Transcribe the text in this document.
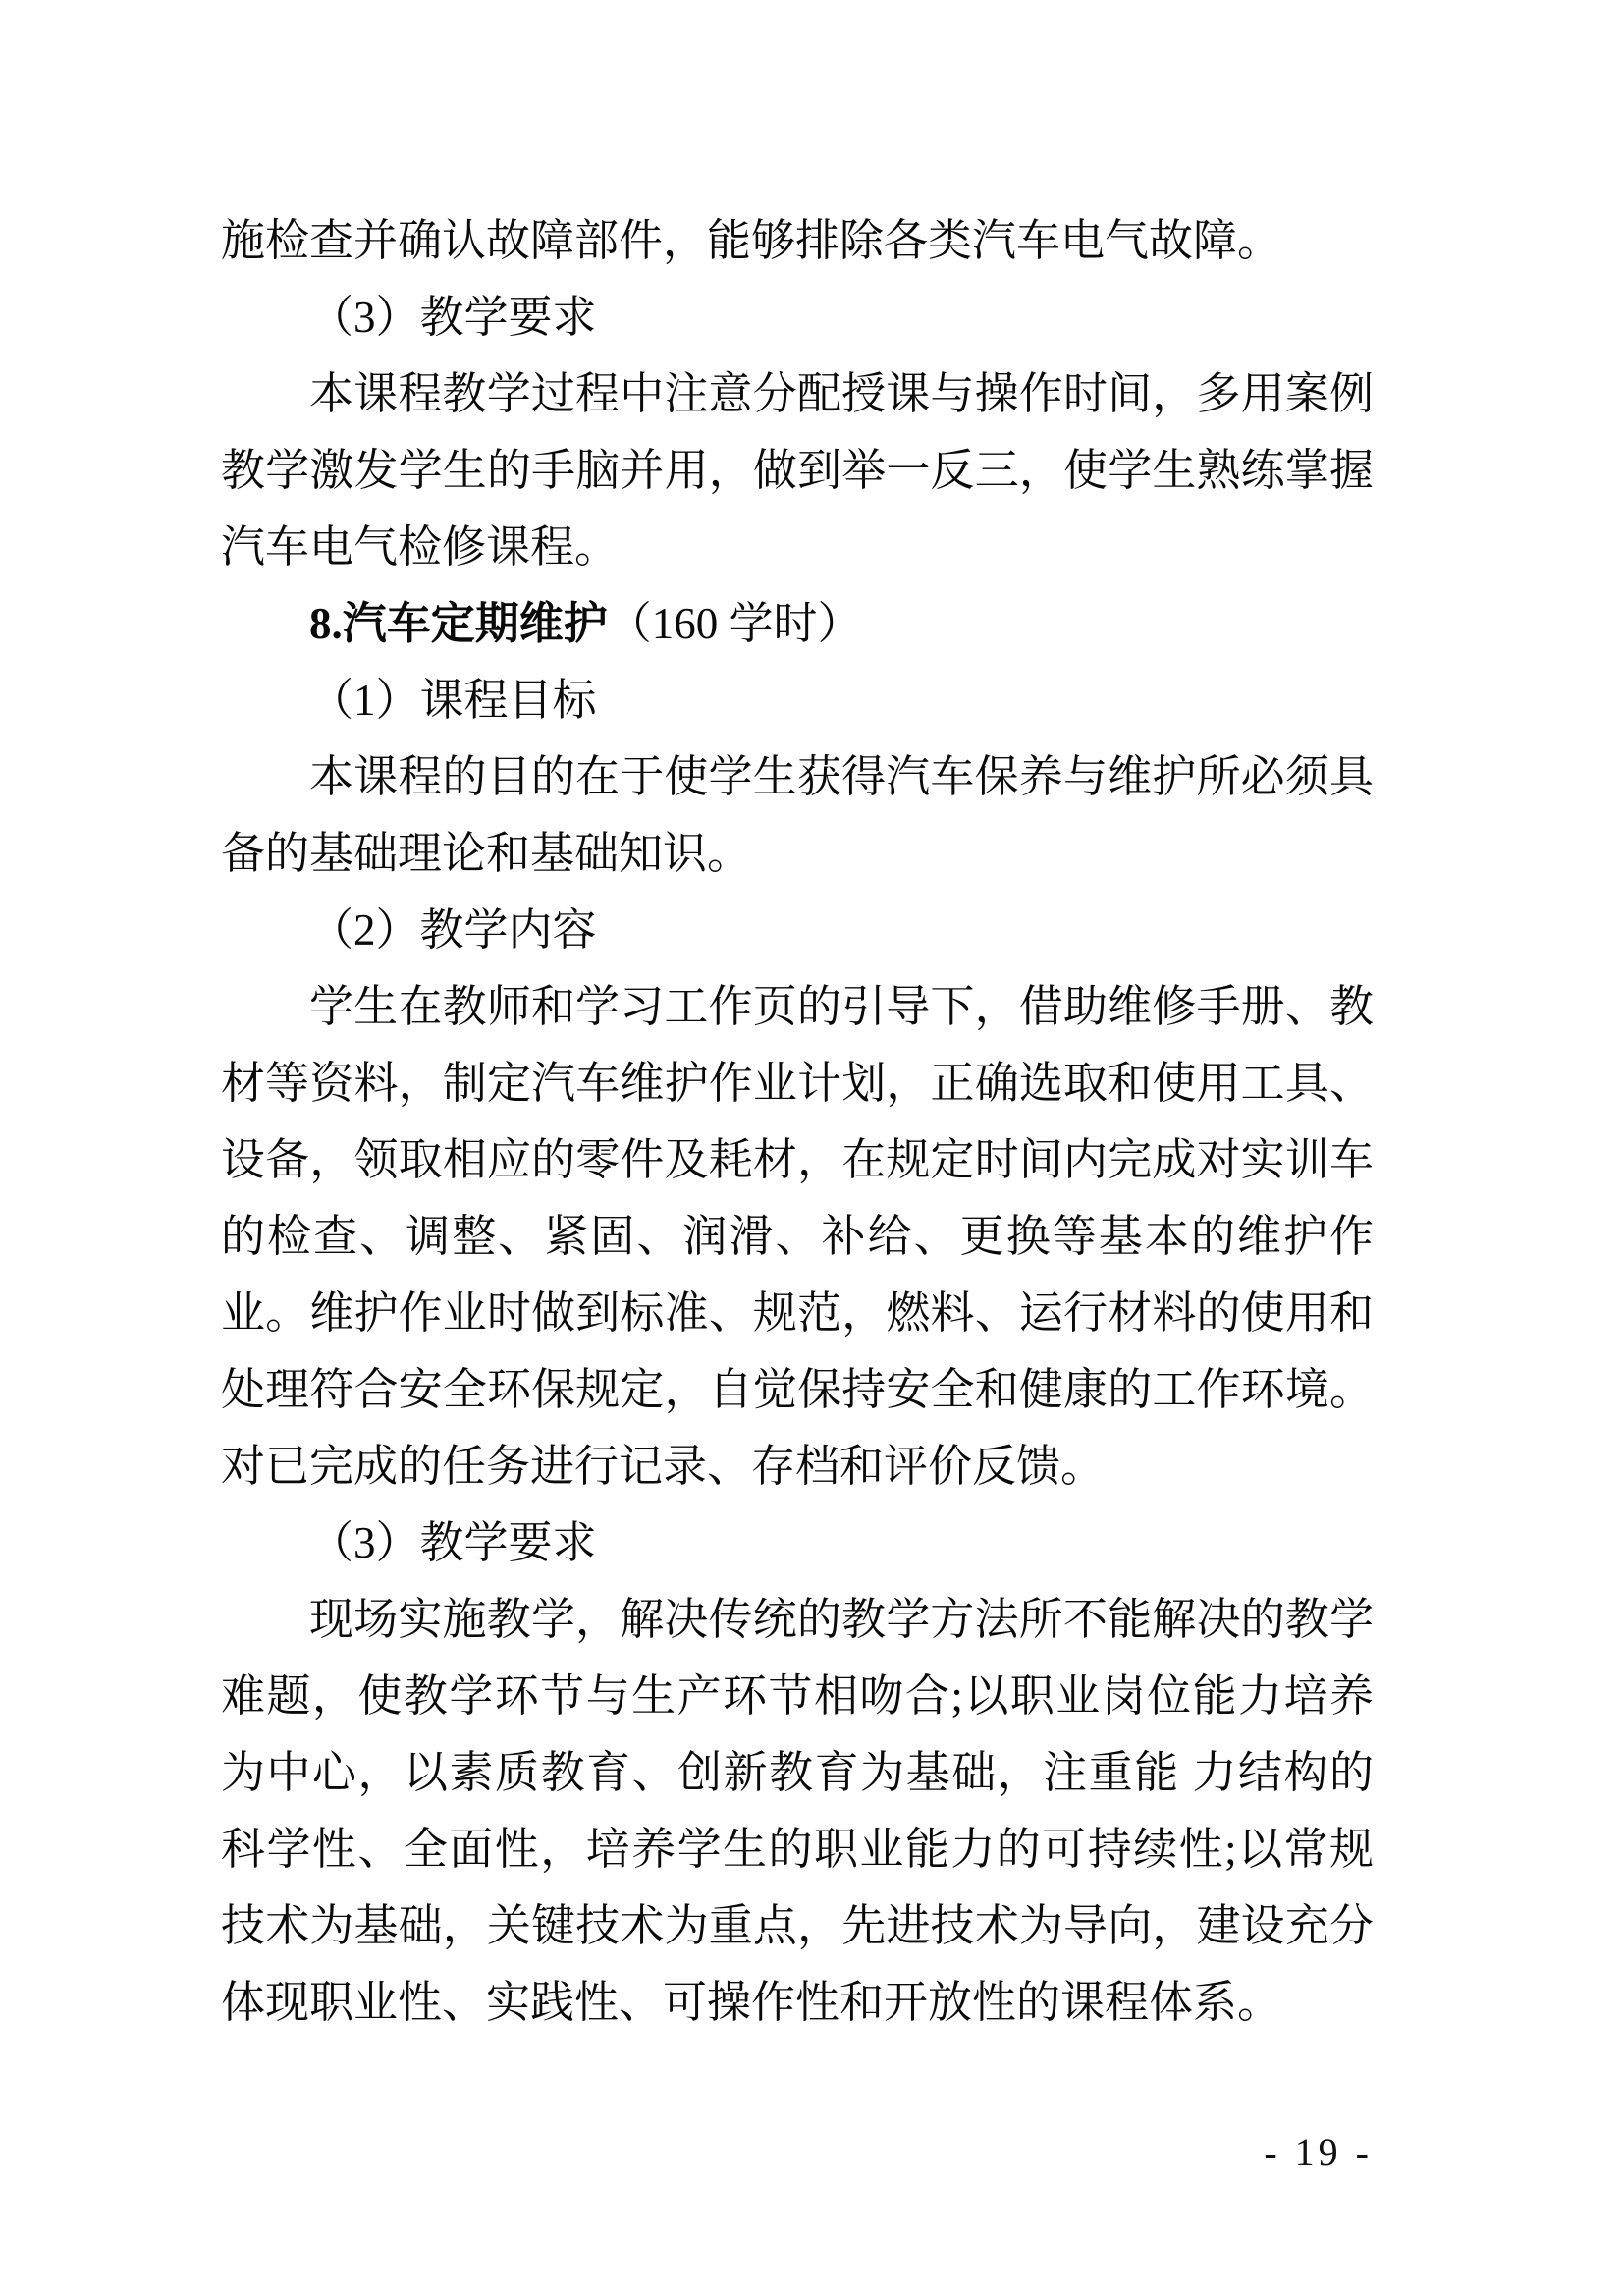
施检查并确认故障部件，能够排除各类汽车电气故障。

（3）教学要求

本课程教学过程中注意分配授课与操作时间，多用案例教学激发学生的手脑并用，做到举一反三，使学生熟练掌握汽车电气检修课程。

8.汽车定期维护（160 学时）

（1）课程目标

本课程的目的在于使学生获得汽车保养与维护所必须具备的基础理论和基础知识。

（2）教学内容

学生在教师和学习工作页的引导下，借助维修手册、教材等资料，制定汽车维护作业计划，正确选取和使用工具、设备，领取相应的零件及耗材，在规定时间内完成对实训车的检查、调整、紧固、润滑、补给、更换等基本的维护作业。维护作业时做到标准、规范，燃料、运行材料的使用和处理符合安全环保规定，自觉保持安全和健康的工作环境。对已完成的任务进行记录、存档和评价反馈。

（3）教学要求

现场实施教学，解决传统的教学方法所不能解决的教学难题，使教学环节与生产环节相吻合;以职业岗位能力培养为中心，以素质教育、创新教育为基础，注重能 力结构的科学性、全面性，培养学生的职业能力的可持续性;以常规 技术为基础，关键技术为重点，先进技术为导向，建设充分体现职业性、实践性、可操作性和开放性的课程体系。

- 19 -
